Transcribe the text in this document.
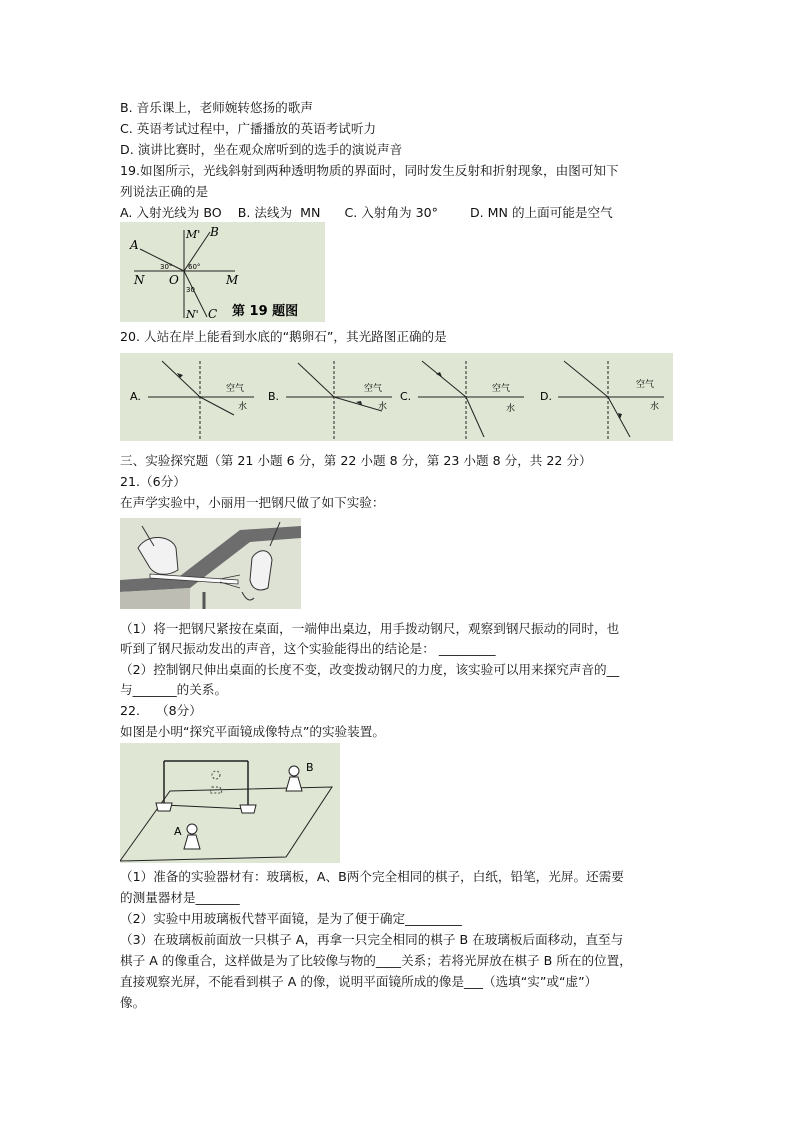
B. 音乐课上，老师婉转悠扬的歌声
C. 英语考试过程中，广播播放的英语考试听力
D. 演讲比赛时，坐在观众席听到的选手的演说声音
19.如图所示，光线斜射到两种透明物质的界面时，同时发生反射和折射现象，由图可知下
列说法正确的是
A. 入射光线为 BO    B. 法线为  MN      C. 入射角为 30°        D. MN 的上面可能是空气
A
B
M'
N O	M
N' C
30° 60°
30
第 19 题图
20. 人站在岸上能看到水底的“鹅卵石”，其光路图正确的是
A.
空气
水
B.
空气
水
C.
空气
水
D.
空气
水
三、实验探究题（第 21 小题 6 分，第 22 小题 8 分，第 23 小题 8 分，共 22 分）
21.（6分）
在声学实验中，小丽用一把钢尺做了如下实验：
（1）将一把钢尺紧按在桌面，一端伸出桌边，用手拨动钢尺，观察到钢尺振动的同时，也
听到了钢尺振动发出的声音，这个实验能得出的结论是： _________
（2）控制钢尺伸出桌面的长度不变，改变拨动钢尺的力度，该实验可以用来探究声音的__
与_______的关系。
22.    （8分）
如图是小明“探究平面镜成像特点”的实验装置。
B
A
（1）准备的实验器材有：玻璃板，A、B两个完全相同的棋子，白纸，铅笔，光屏。还需要
的测量器材是_______
（2）实验中用玻璃板代替平面镜，是为了便于确定_________
（3）在玻璃板前面放一只棋子 A，再拿一只完全相同的棋子 B 在玻璃板后面移动，直至与
棋子 A 的像重合，这样做是为了比较像与物的____关系；若将光屏放在棋子 B 所在的位置，
直接观察光屏，不能看到棋子 A 的像，说明平面镜所成的像是___（选填“实”或“虚”）
像。
